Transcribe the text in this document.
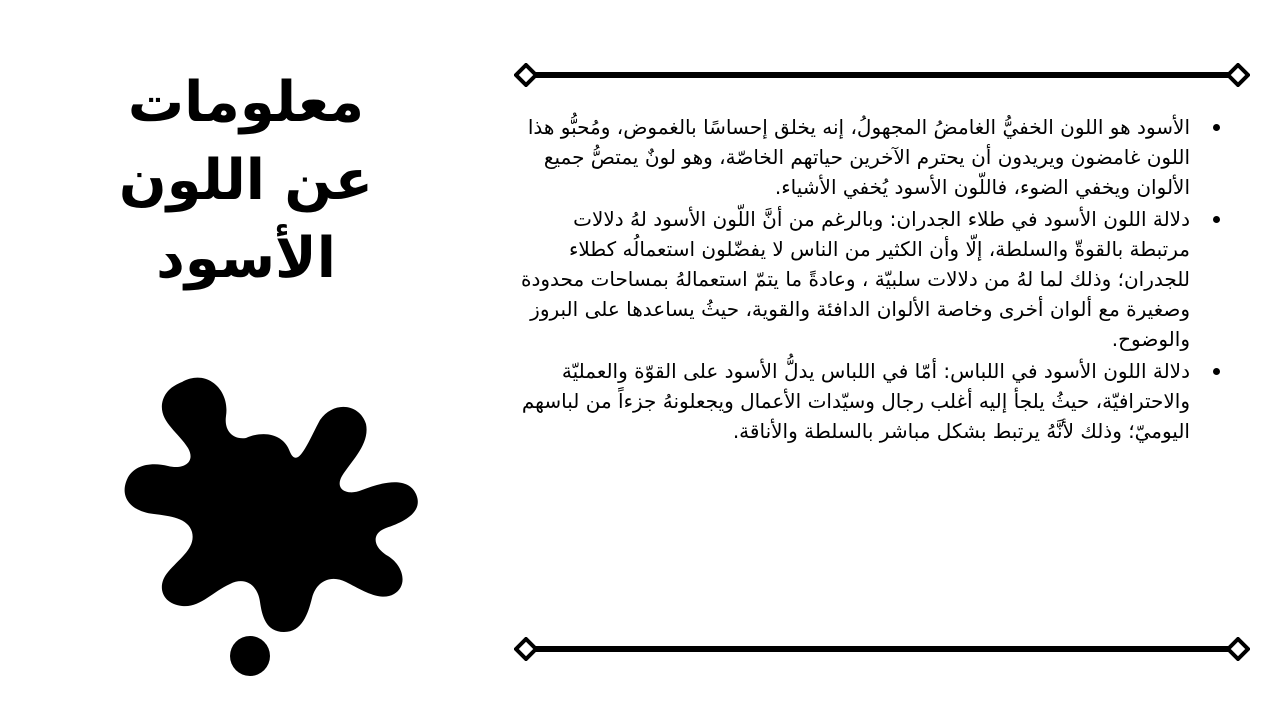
معلومات
عن اللون
الأسود
الأسود هو اللون الخفيُّ الغامضُ المجهولُ، إنه يخلق إحساسًا بالغموض، ومُحبُّو هذا اللون غامضون ويريدون أن يحترم الآخرين حياتهم الخاصّة، وهو لونٌ يمتصُّ جميع الألوان ويخفي الضوء، فاللّون الأسود يُخفي الأشياء.
دلالة اللون الأسود في طلاء الجدران: وبالرغم من أنَّ اللّون الأسود لهُ دلالات مرتبطة بالقوةّ والسلطة، إلّا وأن الكثير من الناس لا يفضّلون استعمالُه كطلاء للجدران؛ وذلك لما لهُ من دلالات سلبيّة ، وعادةً ما يتمّ استعمالهُ بمساحات محدودة وصغيرة مع ألوان أخرى وخاصة الألوان الدافئة والقوية، حيثُ يساعدها على البروز والوضوح.
دلالة اللون الأسود في اللباس: أمّا في اللباس يدلُّ الأسود على القوّة والعمليّة والاحترافيّة، حيثُ يلجأ إليه أغلب رجال وسيّدات الأعمال ويجعلونهُ جزءاً من لباسهم اليوميّ؛ وذلك لأنَّهُ يرتبط بشكل مباشر بالسلطة والأناقة.
